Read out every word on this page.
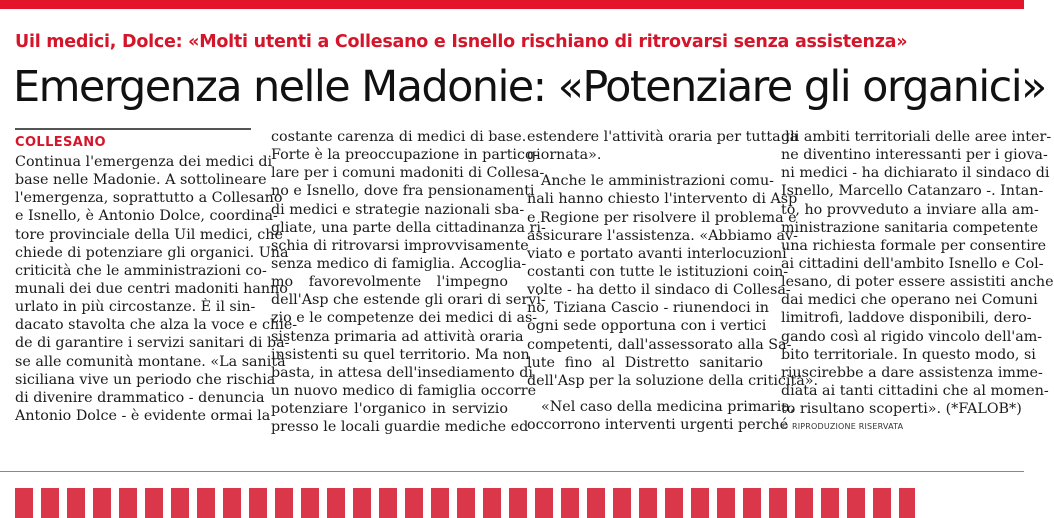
Uil medici, Dolce: «Molti utenti a Collesano e Isnello rischiano di ritrovarsi senza assistenza»
Emergenza nelle Madonie: «Potenziare gli organici»
COLLESANO
Continua l'emergenza dei medici di
base nelle Madonie. A sottolineare
l'emergenza, soprattutto a Collesano
e Isnello, è Antonio Dolce, coordina-
tore provinciale della Uil medici, che
chiede di potenziare gli organici. Una
criticità che le amministrazioni co-
munali dei due centri madoniti hanno
urlato in più circostanze. È il sin-
dacato stavolta che alza la voce e chie-
de di garantire i servizi sanitari di ba-
se alle comunità montane. «La sanità
siciliana vive un periodo che rischia
di divenire drammatico - denuncia
Antonio Dolce - è evidente ormai la
costante carenza di medici di base.
Forte è la preoccupazione in partico-
lare per i comuni madoniti di Collesa-
no e Isnello, dove fra pensionamenti
di medici e strategie nazionali sba-
gliate, una parte della cittadinanza ri-
schia di ritrovarsi improvvisamente
senza medico di famiglia. Accoglia-
mo favorevolmente l'impegno
dell'Asp che estende gli orari di servi-
zio e le competenze dei medici di as-
sistenza primaria ad attività oraria
insistenti su quel territorio. Ma non
basta, in attesa dell'insediamento di
un nuovo medico di famiglia occorre
potenziare l'organico in servizio
presso le locali guardie mediche ed
estendere l'attività oraria per tutta la
giornata».
Anche le amministrazioni comu-
nali hanno chiesto l'intervento di Asp
e Regione per risolvere il problema e
assicurare l'assistenza. «Abbiamo av-
viato e portato avanti interlocuzioni
costanti con tutte le istituzioni coin-
volte - ha detto il sindaco di Collesa-
no, Tiziana Cascio - riunendoci in
ogni sede opportuna con i vertici
competenti, dall'assessorato alla Sa-
lute fino al Distretto sanitario
dell'Asp per la soluzione della criticità».
«Nel caso della medicina primaria,
occorrono interventi urgenti perché
gli ambiti territoriali delle aree inter-
ne diventino interessanti per i giova-
ni medici - ha dichiarato il sindaco di
Isnello, Marcello Catanzaro -. Intan-
to, ho provveduto a inviare alla am-
ministrazione sanitaria competente
una richiesta formale per consentire
ai cittadini dell'ambito Isnello e Col-
lesano, di poter essere assistiti anche
dai medici che operano nei Comuni
limitrofi, laddove disponibili, dero-
gando così al rigido vincolo dell'am-
bito territoriale. In questo modo, si
riuscirebbe a dare assistenza imme-
diata ai tanti cittadini che al momen-
to risultano scoperti». (*FALOB*)
© RIPRODUZIONE RISERVATA
